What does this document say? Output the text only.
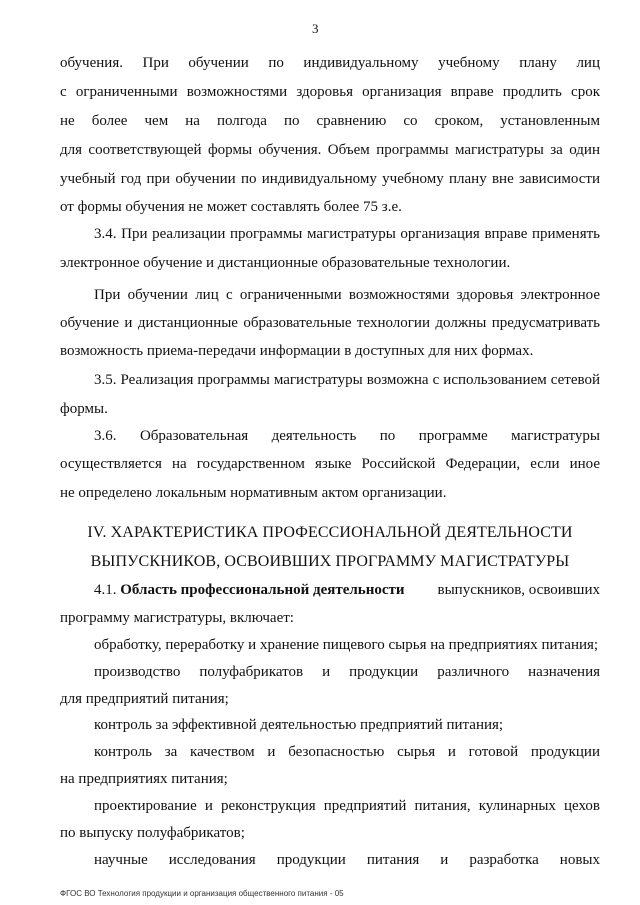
3
обучения. При обучении по индивидуальному учебному плану лиц
с ограниченными возможностями здоровья организация вправе продлить срок
не более чем на полгода по сравнению со сроком, установленным
для соответствующей формы обучения. Объем программы магистратуры за один
учебный год при обучении по индивидуальному учебному плану вне зависимости
от формы обучения не может составлять более 75 з.е.
3.4. При реализации программы магистратуры организация вправе применять
электронное обучение и дистанционные образовательные технологии.
При обучении лиц с ограниченными возможностями здоровья электронное
обучение и дистанционные образовательные технологии должны предусматривать
возможность приема-передачи информации в доступных для них формах.
3.5. Реализация программы магистратуры возможна с использованием сетевой
формы.
3.6. Образовательная деятельность по программе магистратуры
осуществляется на государственном языке Российской Федерации, если иное
не определено локальным нормативным актом организации.
IV. ХАРАКТЕРИСТИКА ПРОФЕССИОНАЛЬНОЙ ДЕЯТЕЛЬНОСТИ
ВЫПУСКНИКОВ, ОСВОИВШИХ ПРОГРАММУ МАГИСТРАТУРЫ
4.1. Область профессиональной деятельности выпускников, освоивших
программу магистратуры, включает:
обработку, переработку и хранение пищевого сырья на предприятиях питания;
производство полуфабрикатов и продукции различного назначения
для предприятий питания;
контроль за эффективной деятельностью предприятий питания;
контроль за качеством и безопасностью сырья и готовой продукции
на предприятиях питания;
проектирование и реконструкция предприятий питания, кулинарных цехов
по выпуску полуфабрикатов;
научные исследования продукции питания и разработка новых
ФГОС ВО Технология продукции и организация общественного питания - 05
